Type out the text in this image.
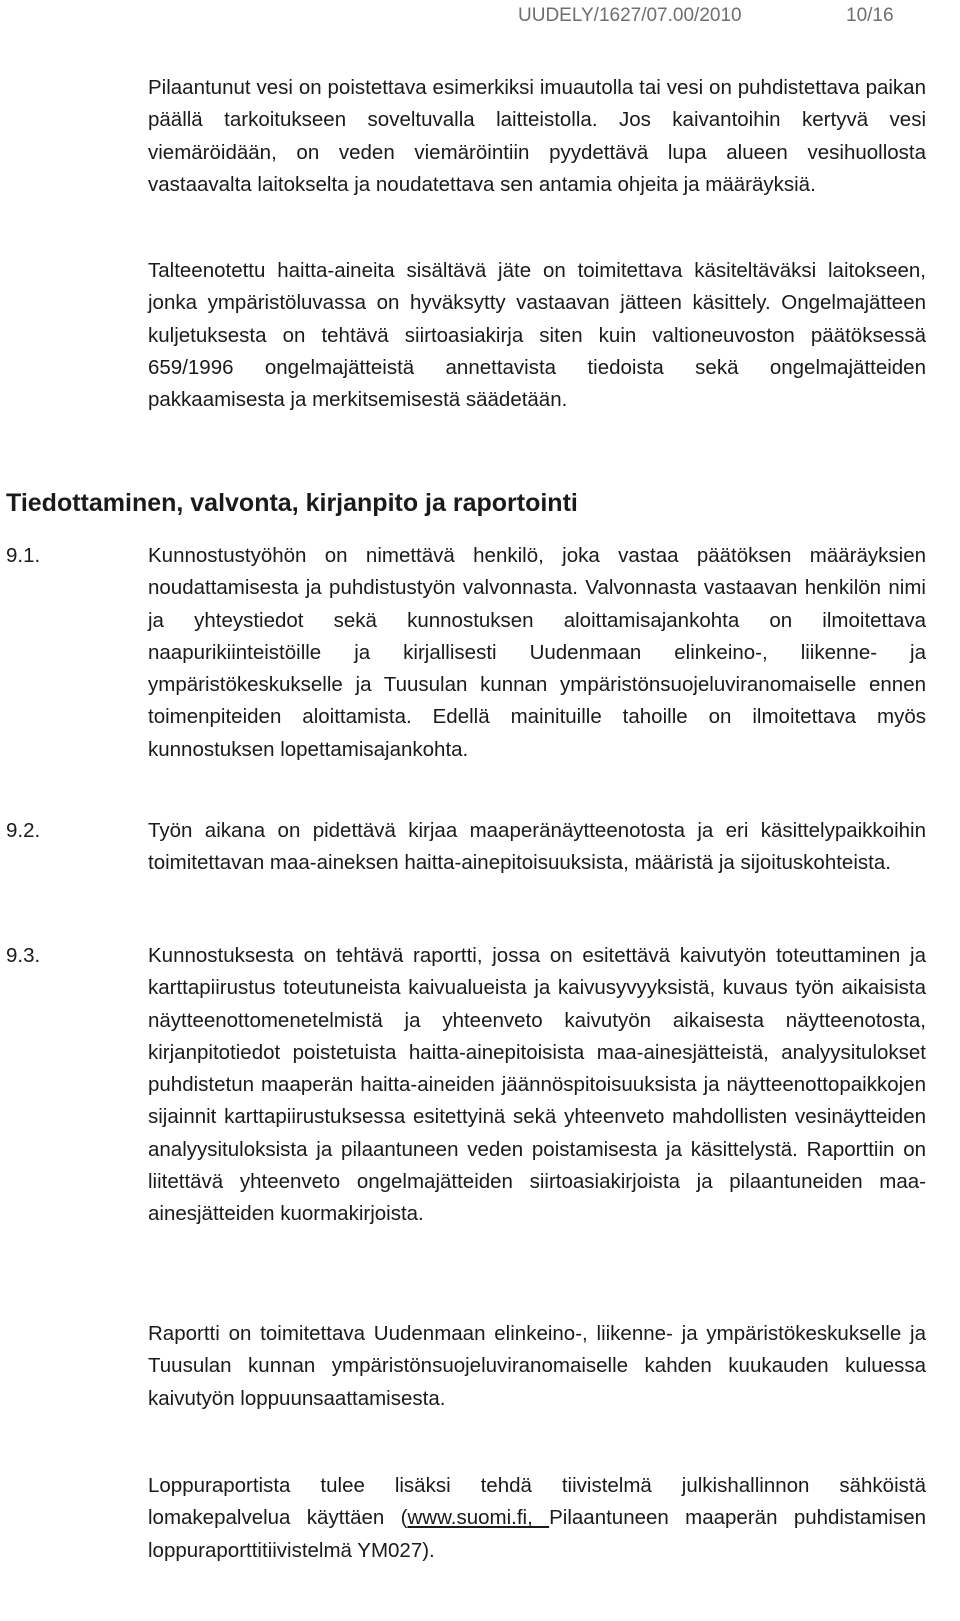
UUDELY/1627/07.00/2010	10/16

Pilaantunut vesi on poistettava esimerkiksi imuautolla tai vesi on puhdistettava paikan päällä tarkoitukseen soveltuvalla laitteistolla. Jos kaivantoihin kertyvä vesi viemäröidään, on veden viemäröintiin pyydettävä lupa alueen vesihuollosta vastaavalta laitokselta ja noudatettava sen antamia ohjeita ja määräyksiä.

Talteenotettu haitta-aineita sisältävä jäte on toimitettava käsiteltäväksi laitokseen, jonka ympäristöluvassa on hyväksytty vastaavan jätteen käsittely. Ongelmajätteen kuljetuksesta on tehtävä siirtoasiakirja siten kuin valtioneuvoston päätöksessä 659/1996 ongelmajätteistä annettavista tiedoista sekä ongelmajätteiden pakkaamisesta ja merkitsemisestä säädetään.

Tiedottaminen, valvonta, kirjanpito ja raportointi
9.1.	Kunnostustyöhön on nimettävä henkilö, joka vastaa päätöksen määräyksien noudattamisesta ja puhdistustyön valvonnasta. Valvonnasta vastaavan henkilön nimi ja yhteystiedot sekä kunnostuksen aloittamisajankohta on ilmoitettava naapurikiinteistöille ja kirjallisesti Uudenmaan elinkeino-, liikenne- ja ympäristökeskukselle ja Tuusulan kunnan ympäristönsuojeluviranomaiselle ennen toimenpiteiden aloittamista. Edellä mainituille tahoille on ilmoitettava myös kunnostuksen lopettamisajankohta.

9.2.	Työn aikana on pidettävä kirjaa maaperänäytteenotosta ja eri käsittelypaikkoihin toimitettavan maa-aineksen haitta-ainepitoisuuksista, määristä ja sijoituskohteista.

9.3.	Kunnostuksesta on tehtävä raportti, jossa on esitettävä kaivutyön toteuttaminen ja karttapiirustus toteutuneista kaivualueista ja kaivusyvyyksistä, kuvaus työn aikaisista näytteenottomenetelmistä ja yhteenveto kaivutyön aikaisesta näytteenotosta, kirjanpitotiedot poistetuista haitta-ainepitoisista maa-ainesjätteistä, analyysitulokset puhdistetun maaperän haitta-aineiden jäännöspitoisuuksista ja näytteenottopaikkojen sijainnit karttapiirustuksessa esitettyinä sekä yhteenveto mahdollisten vesinäytteiden analyysituloksista ja pilaantuneen veden poistamisesta ja käsittelystä. Raporttiin on liitettävä yhteenveto ongelmajätteiden siirtoasiakirjoista ja pilaantuneiden maa-ainesjätteiden kuormakirjoista.

Raportti on toimitettava Uudenmaan elinkeino-, liikenne- ja ympäristökeskukselle ja Tuusulan kunnan ympäristönsuojeluviranomaiselle kahden kuukauden kuluessa kaivutyön loppuunsaattamisesta.

Loppuraportista tulee lisäksi tehdä tiivistelmä julkishallinnon sähköistä lomakepalvelua käyttäen (www.suomi.fi, Pilaantuneen maaperän puhdistamisen loppuraporttitiivistelmä YM027).
